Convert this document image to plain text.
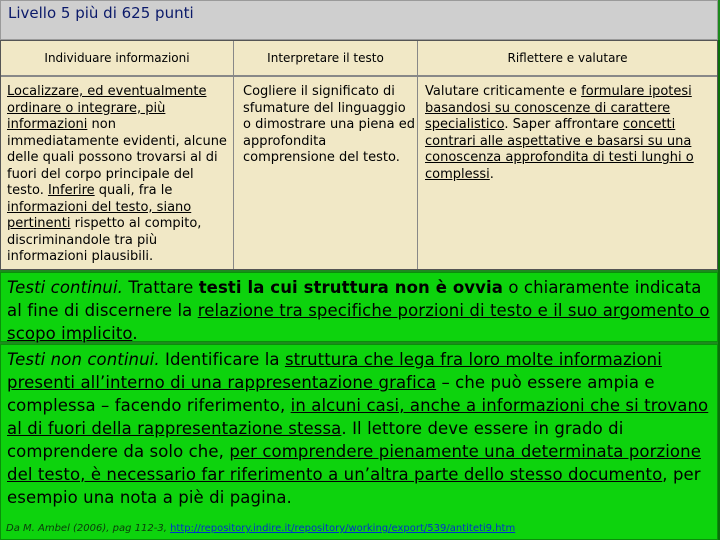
Livello 5 più di 625 punti
Individuare informazioni	Interpretare il testo	Riflettere e valutare
Localizzare, ed eventualmente ordinare o integrare, più informazioni non immediatamente evidenti, alcune delle quali possono trovarsi al di fuori del corpo principale del testo. Inferire quali, fra le informazioni del testo, siano pertinenti rispetto al compito, discriminandole tra più informazioni plausibili.
Cogliere il significato di sfumature del linguaggio o dimostrare una piena ed approfondita comprensione del testo.
Valutare criticamente e formulare ipotesi basandosi su conoscenze di carattere specialistico. Saper affrontare concetti contrari alle aspettative e basarsi su una conoscenza approfondita di testi lunghi o complessi.
Testi continui. Trattare testi la cui struttura non è ovvia o chiaramente indicata al fine di discernere la relazione tra specifiche porzioni di testo e il suo argomento o scopo implicito.
Testi non continui. Identificare la struttura che lega fra loro molte informazioni presenti all’interno di una rappresentazione grafica – che può essere ampia e complessa – facendo riferimento, in alcuni casi, anche a informazioni che si trovano al di fuori della rappresentazione stessa. Il lettore deve essere in grado di comprendere da solo che, per comprendere pienamente una determinata porzione del testo, è necessario far riferimento a un’altra parte dello stesso documento, per esempio una nota a piè di pagina.
Da M. Ambel (2006), pag 112-3, http://repository.indire.it/repository/working/export/539/antiteti9.htm
